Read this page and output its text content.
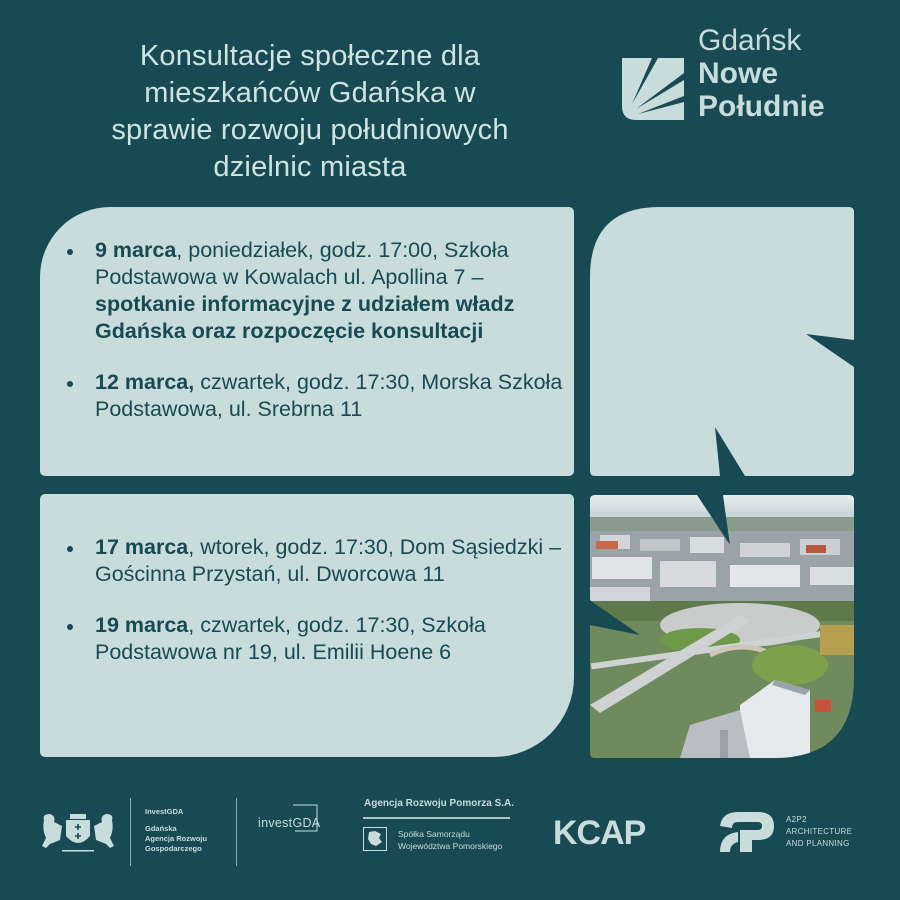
Konsultacje społeczne dla
mieszkańców Gdańska w
sprawie rozwoju południowych
dzielnic miasta
Gdańsk
Nowe
Południe
9 marca, poniedziałek, godz. 17:00, Szkoła Podstawowa w Kowalach ul. Apollina 7 – spotkanie informacyjne z udziałem władz Gdańska oraz rozpoczęcie konsultacji
12 marca, czwartek, godz. 17:30, Morska Szkoła Podstawowa, ul. Srebrna 11
17 marca, wtorek, godz. 17:30, Dom Sąsiedzki – Gościnna Przystań, ul. Dworcowa 11
19 marca, czwartek, godz. 17:30, Szkoła Podstawowa nr 19, ul. Emilii Hoene 6
InvestGDA
Gdańska
Agencja Rozwoju
Gospodarczego
investGDA
Agencja Rozwoju Pomorza S.A.
Spółka Samorządu
Województwa Pomorskiego KCAP	A2P2
ARCHITECTURE
AND PLANNING
